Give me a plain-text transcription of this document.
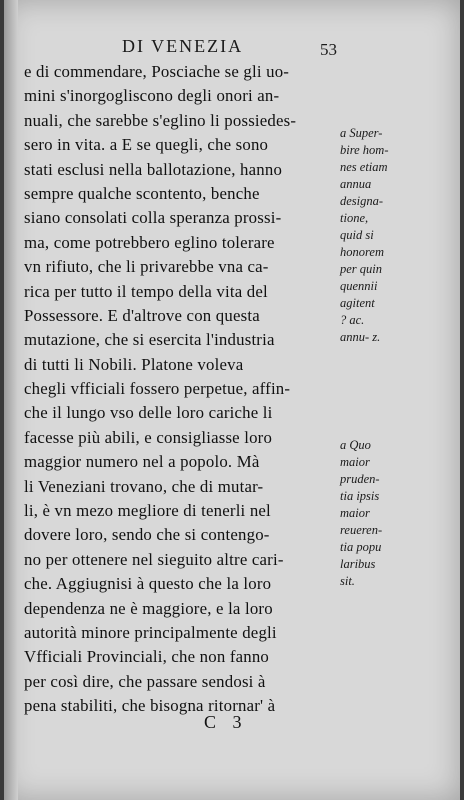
DI VENEZIA	53
e di commendare, Posciache se gli uo-
mini s'inorgogliscono degli onori an-
nuali, che sarebbe s'eglino li possiedes-
sero in vita. a E se quegli, che sono
stati esclusi nella ballotazione, hanno
sempre qualche scontento, benche
siano consolati colla speranza prossi-
ma, come potrebbero eglino tolerare
vn rifiuto, che li privarebbe vna ca-
rica per tutto il tempo della vita del
Possessore. E d'altrove con questa
mutazione, che si esercita l'industria
di tutti li Nobili. Platone voleva
chegli vfficiali fossero perpetue, affin-
che il lungo vso delle loro cariche li
facesse più abili, e consigliasse loro
maggior numero nel a popolo. Mà
li Veneziani trovano, che di mutar-
li, è vn mezo megliore di tenerli nel
dovere loro, sendo che si contengo-
no per ottenere nel sieguito altre cari-
che. Aggiugnisi à questo che la loro
dependenza ne è maggiore, e la loro
autorità minore principalmente degli
Vfficiali Provinciali, che non fanno
per così dire, che passare sendosi à
pena stabiliti, che bisogna ritornar' à
a Super-
bire hom-
nes etiam
annua
designa-
tione,
quid si
honorem
per quin
quennii
agitent
? ac.
annu- z.
a Quo
maior
pruden-
tia ipsis
maior
reueren-
tia popu
laribus
sit.
C 3
